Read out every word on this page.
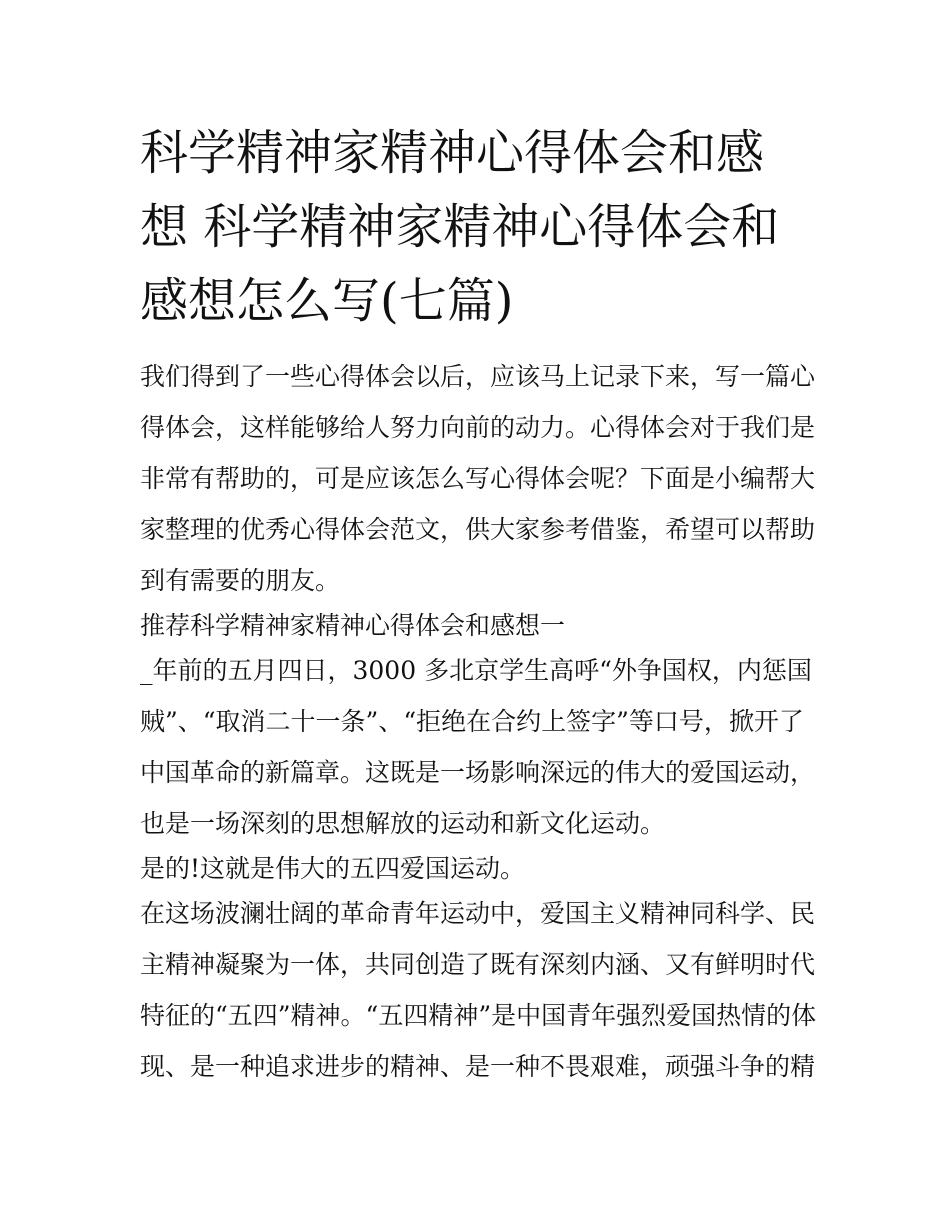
科学精神家精神心得体会和感
想 科学精神家精神心得体会和
感想怎么写(七篇)
我们得到了一些心得体会以后，应该马上记录下来，写一篇心
得体会，这样能够给人努力向前的动力。心得体会对于我们是
非常有帮助的，可是应该怎么写心得体会呢？下面是小编帮大
家整理的优秀心得体会范文，供大家参考借鉴，希望可以帮助
到有需要的朋友。
推荐科学精神家精神心得体会和感想一
_年前的五月四日，3000 多北京学生高呼“外争国权，内惩国
贼”、“取消二十一条”、“拒绝在合约上签字”等口号，掀开了
中国革命的新篇章。这既是一场影响深远的伟大的爱国运动，
也是一场深刻的思想解放的运动和新文化运动。
是的!这就是伟大的五四爱国运动。
在这场波澜壮阔的革命青年运动中，爱国主义精神同科学、民
主精神凝聚为一体，共同创造了既有深刻内涵、又有鲜明时代
特征的“五四”精神。“五四精神”是中国青年强烈爱国热情的体
现、是一种追求进步的精神、是一种不畏艰难，顽强斗争的精
